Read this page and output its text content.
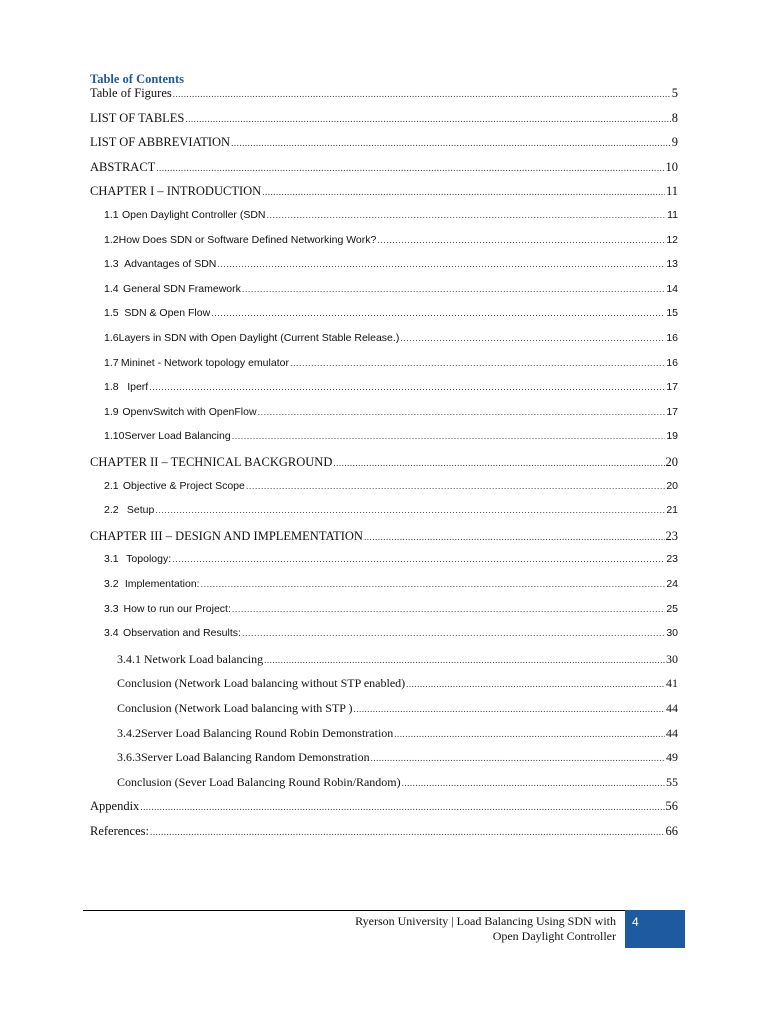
Table of Contents
Table of Figures .....	5
LIST OF TABLES .....	8
LIST OF ABBREVIATION .....	9
ABSTRACT .....	10
CHAPTER I – INTRODUCTION .....	11
1.1 Open Daylight Controller (SDN .....	11
1.2 How Does SDN or Software Defined Networking Work? .....	12
1.3 Advantages of SDN .....	13
1.4 General SDN Framework .....	14
1.5 SDN & Open Flow .....	15
1.6 Layers in SDN with Open Daylight (Current Stable Release.) .....	16
1.7 Mininet - Network topology emulator .....	16
1.8 Iperf .....	17
1.9 OpenvSwitch with OpenFlow .....	17
1.10 Server Load Balancing .....	19
CHAPTER II – TECHNICAL BACKGROUND .....	20
2.1 Objective & Project Scope .....	20
2.2 Setup .....	21
CHAPTER III – DESIGN AND IMPLEMENTATION .....	23
3.1 Topology: .....	23
3.2 Implementation: .....	24
3.3 How to run our Project: .....	25
3.4 Observation and Results: .....	30
3.4.1 Network Load balancing .....	30
Conclusion (Network Load balancing without STP enabled) .....	41
Conclusion (Network Load balancing with STP ) .....	44
3.4.2 Server Load Balancing Round Robin Demonstration .....	44
3.6.3 Server Load Balancing Random Demonstration .....	49
Conclusion (Sever Load Balancing Round Robin/Random) .....	55
Appendix .....	56
References: .....	66
Ryerson University | Load Balancing Using SDN with
Open Daylight Controller
4
